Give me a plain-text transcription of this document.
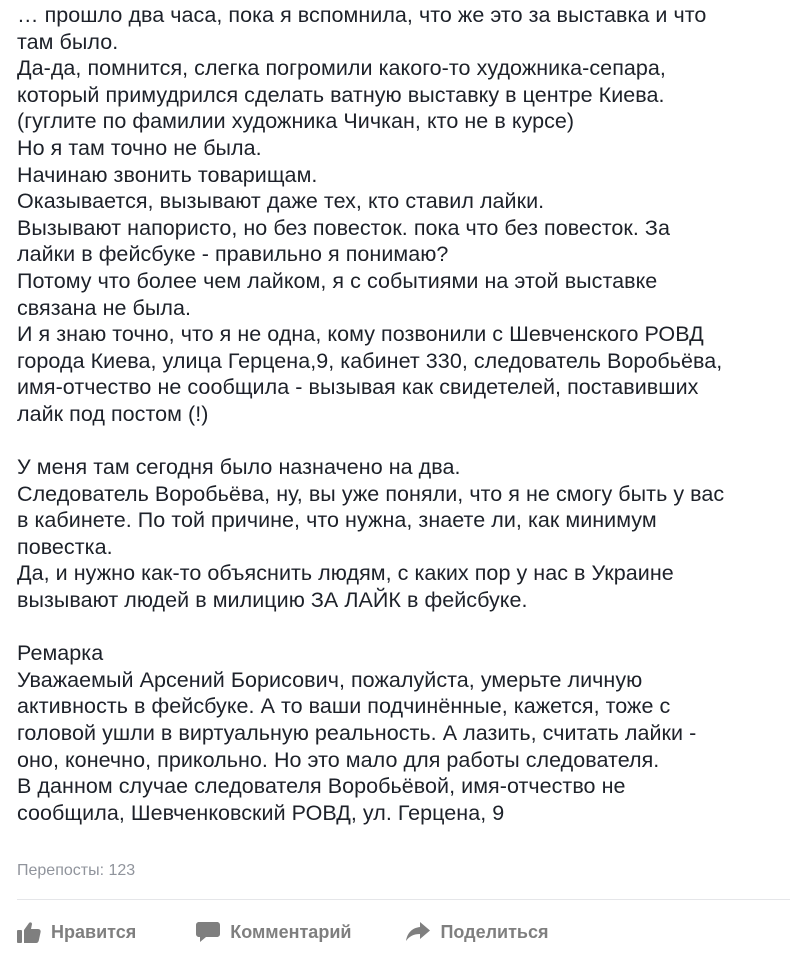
… прошло два часа, пока я вспомнила, что же это за выставка и что
там было.
Да-да, помнится, слегка погромили какого-то художника-сепара,
который примудрился сделать ватную выставку в центре Киева.
(гуглите по фамилии художника Чичкан, кто не в курсе)
Но я там точно не была.
Начинаю звонить товарищам.
Оказывается, вызывают даже тех, кто ставил лайки.
Вызывают напористо, но без повесток. пока что без повесток. За
лайки в фейсбуке - правильно я понимаю?
Потому что более чем лайком, я с событиями на этой выставке
связана не была.
И я знаю точно, что я не одна, кому позвонили с Шевченского РОВД
города Киева, улица Герцена,9, кабинет 330, следователь Воробьёва,
имя-отчество не сообщила - вызывая как свидетелей, поставивших
лайк под постом (!)
У меня там сегодня было назначено на два.
Следователь Воробьёва, ну, вы уже поняли, что я не смогу быть у вас
в кабинете. По той причине, что нужна, знаете ли, как минимум
повестка.
Да, и нужно как-то объяснить людям, с каких пор у нас в Украине
вызывают людей в милицию ЗА ЛАЙК в фейсбуке.
Ремарка
Уважаемый Арсений Борисович, пожалуйста, умерьте личную
активность в фейсбуке. А то ваши подчинённые, кажется, тоже с
головой ушли в виртуальную реальность. А лазить, считать лайки -
оно, конечно, прикольно. Но это мало для работы следователя.
В данном случае следователя Воробьёвой, имя-отчество не
сообщила, Шевченковский РОВД, ул. Герцена, 9
Перепосты: 123
Нравится	Комментарий	Поделиться
